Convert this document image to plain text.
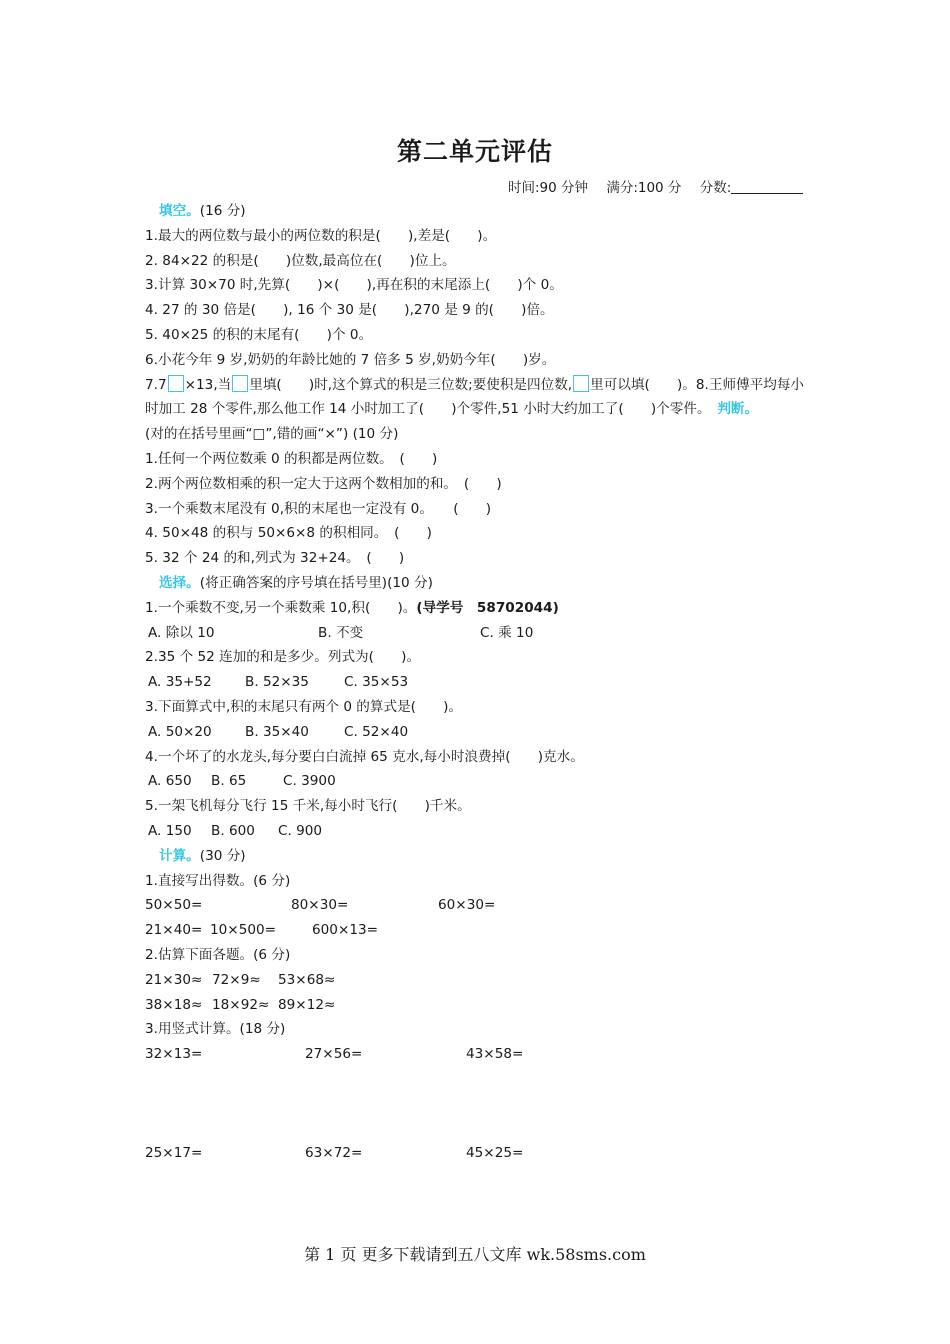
第二单元评估
时间:90 分钟 满分:100 分 分数:
填空。(16 分)
1.最大的两位数与最小的两位数的积是(　　),差是(　　)。
2. 84×22 的积是(　　)位数,最高位在(　　)位上。
3.计算 30×70 时,先算(　　)×(　　),再在积的末尾添上(　　)个 0。
4. 27 的 30 倍是(　　), 16 个 30 是(　　),270 是 9 的(　　)倍。
5. 40×25 的积的末尾有(　　)个 0。
6.小花今年 9 岁,奶奶的年龄比她的 7 倍多 5 岁,奶奶今年(　　)岁。
7.7 ×13,当 里填(　　)时,这个算式的积是三位数;要使积是四位数, 里可以填(　　)。8.王师傅平均每小时加工 28 个零件,那么他工作 14 小时加工了(　　)个零件,51 小时大约加工了(　　)个零件。　判断。
(对的在括号里画“□”,错的画“×”) (10 分)
1.任何一个两位数乘 0 的积都是两位数。　(　　)
2.两个两位数相乘的积一定大于这两个数相加的和。　(　　)
3.一个乘数末尾没有 0,积的末尾也一定没有 0。　　(　　)
4. 50×48 的积与 50×6×8 的积相同。　(　　)
5. 32 个 24 的和,列式为 32+24。　(　　)
选择。(将正确答案的序号填在括号里)(10 分)
1.一个乘数不变,另一个乘数乘 10,积(　　)。(导学号　58702044)
A. 除以 10	B. 不变	C. 乘 10
2.35 个 52 连加的和是多少。列式为(　　)。
A. 35+52 B. 52×35	C. 35×53
3.下面算式中,积的末尾只有两个 0 的算式是(　　)。
A. 50×20 B. 35×40	C. 52×40
4.一个坏了的水龙头,每分要白白流掉 65 克水,每小时浪费掉(　　)克水。
A. 650 B. 65	C. 3900
5.一架飞机每分飞行 15 千米,每小时飞行(　　)千米。
A. 150 B. 600 C. 900
计算。(30 分)
1.直接写出得数。(6 分)
50×50=	80×30=	60×30=
21×40= 10×500=	600×13=
2.估算下面各题。(6 分)
21×30≈ 72×9≈ 53×68≈
38×18≈ 18×92≈ 89×12≈
3.用竖式计算。(18 分)
32×13=	27×56=	43×58=
25×17=	63×72=	45×25=
第 1 页 更多下载请到五八文库 wk.58sms.com
